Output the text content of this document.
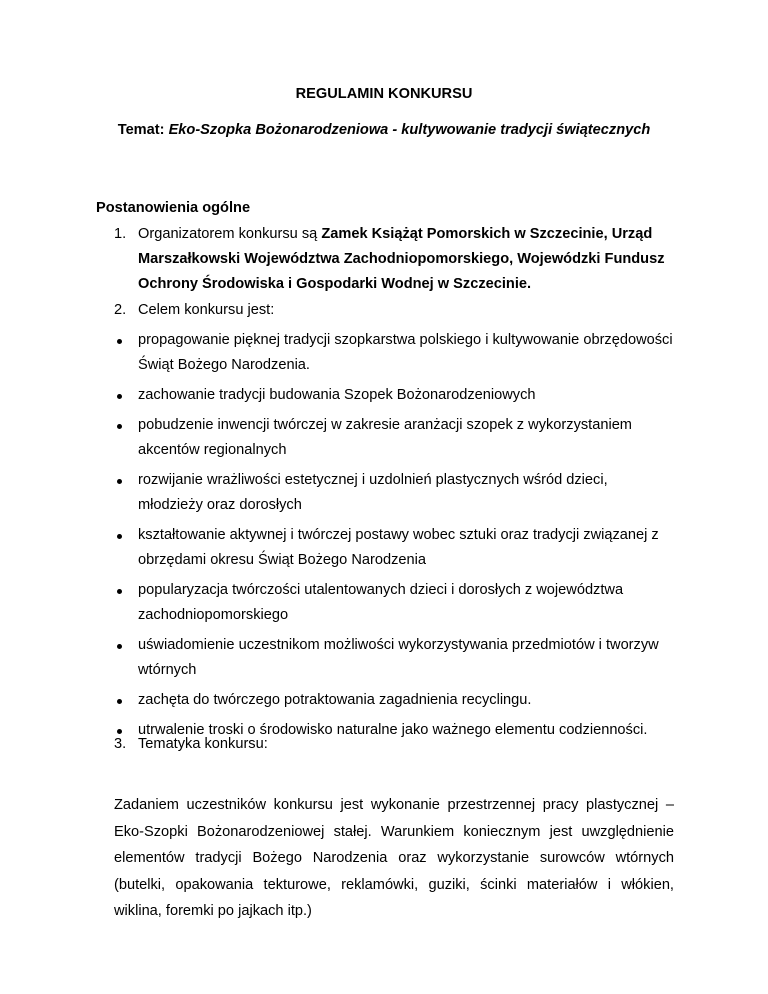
REGULAMIN KONKURSU

Temat: Eko-Szopka Bożonarodzeniowa - kultywowanie tradycji świątecznych

Postanowienia ogólne
1. Organizatorem konkursu są Zamek Książąt Pomorskich w Szczecinie, Urząd Marszałkowski Województwa Zachodniopomorskiego, Wojewódzki Fundusz Ochrony Środowiska i Gospodarki Wodnej w Szczecinie.
2. Celem konkursu jest:
propagowanie pięknej tradycji szopkarstwa polskiego i kultywowanie obrzędowości Świąt Bożego Narodzenia.
zachowanie tradycji budowania Szopek Bożonarodzeniowych
pobudzenie inwencji twórczej w zakresie aranżacji szopek z wykorzystaniem akcentów regionalnych
rozwijanie wrażliwości estetycznej i uzdolnień plastycznych wśród dzieci, młodzieży oraz dorosłych
kształtowanie aktywnej i twórczej postawy wobec sztuki oraz tradycji związanej z obrzędami okresu Świąt Bożego Narodzenia
popularyzacja twórczości utalentowanych dzieci i dorosłych z województwa zachodniopomorskiego
uświadomienie uczestnikom możliwości wykorzystywania przedmiotów i tworzyw wtórnych
zachęta do twórczego potraktowania zagadnienia recyclingu.
utrwalenie troski o środowisko naturalne jako ważnego elementu codzienności.
3. Tematyka konkursu:

Zadaniem uczestników konkursu jest wykonanie przestrzennej pracy plastycznej – Eko-Szopki Bożonarodzeniowej stałej. Warunkiem koniecznym jest uwzględnienie elementów tradycji Bożego Narodzenia oraz wykorzystanie surowców wtórnych (butelki, opakowania tekturowe, reklamówki, guziki, ścinki materiałów i włókien, wiklina, foremki po jajkach itp.)
